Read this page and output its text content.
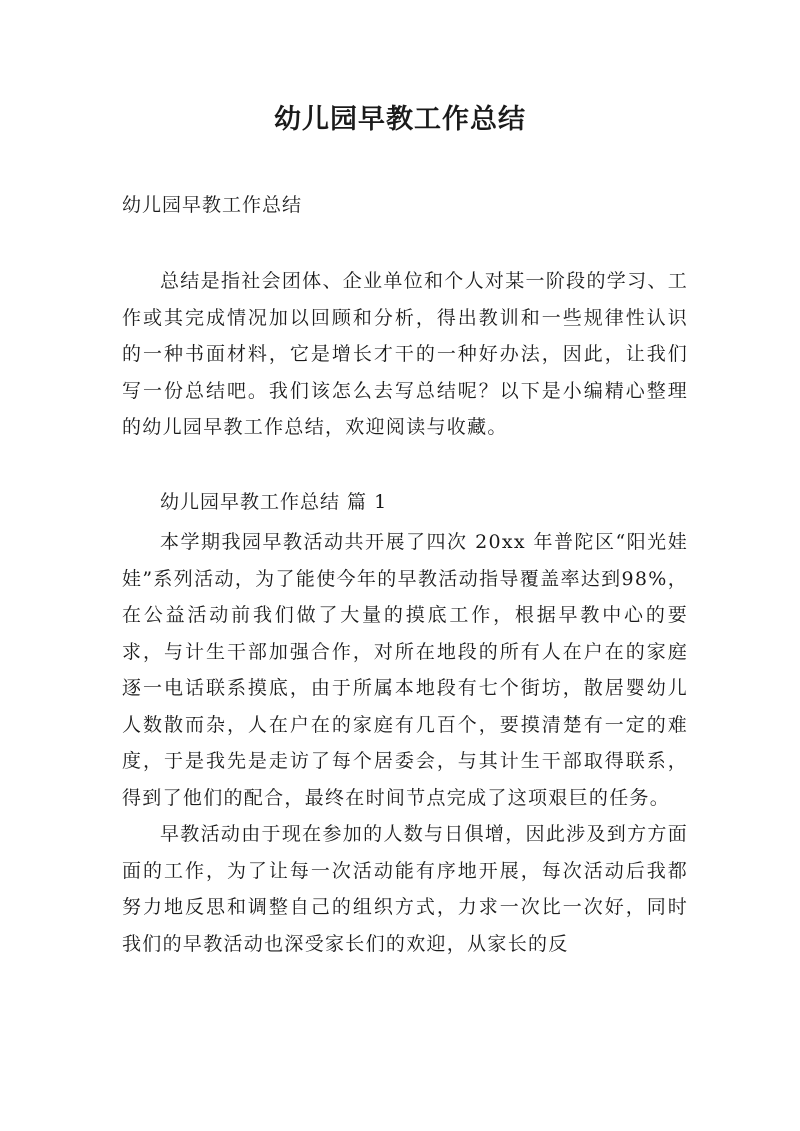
幼儿园早教工作总结
幼儿园早教工作总结

总结是指社会团体、企业单位和个人对某一阶段的学习、工作或其完成情况加以回顾和分析，得出教训和一些规律性认识的一种书面材料，它是增长才干的一种好办法，因此，让我们写一份总结吧。我们该怎么去写总结呢？以下是小编精心整理的幼儿园早教工作总结，欢迎阅读与收藏。

幼儿园早教工作总结 篇 1

本学期我园早教活动共开展了四次 20xx 年普陀区“阳光娃娃”系列活动，为了能使今年的早教活动指导覆盖率达到98%，在公益活动前我们做了大量的摸底工作，根据早教中心的要求，与计生干部加强合作，对所在地段的所有人在户在的家庭逐一电话联系摸底，由于所属本地段有七个街坊，散居婴幼儿人数散而杂，人在户在的家庭有几百个，要摸清楚有一定的难度，于是我先是走访了每个居委会，与其计生干部取得联系，得到了他们的配合，最终在时间节点完成了这项艰巨的任务。

早教活动由于现在参加的人数与日俱增，因此涉及到方方面面的工作，为了让每一次活动能有序地开展，每次活动后我都努力地反思和调整自己的组织方式，力求一次比一次好，同时我们的早教活动也深受家长们的欢迎，从家长的反
